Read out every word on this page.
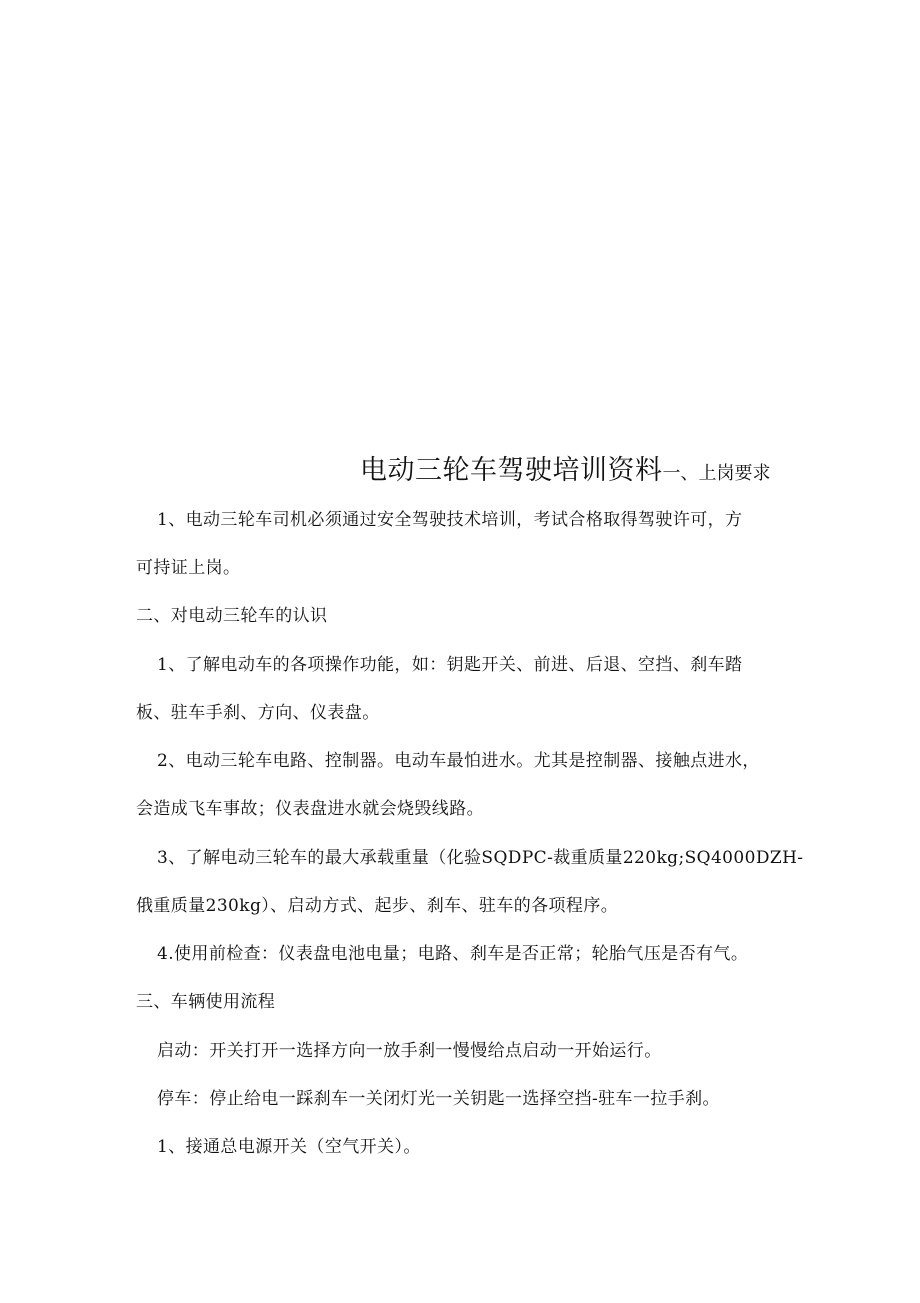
电动三轮车驾驶培训资料一、上岗要求
1、电动三轮车司机必须通过安全驾驶技术培训，考试合格取得驾驶许可，方
可持证上岗。
二、对电动三轮车的认识
1、了解电动车的各项操作功能，如：钥匙开关、前进、后退、空挡、刹车踏
板、驻车手刹、方向、仪表盘。
2、电动三轮车电路、控制器。电动车最怕进水。尤其是控制器、接触点进水，
会造成飞车事故；仪表盘进水就会烧毁线路。
3、了解电动三轮车的最大承载重量（化验SQDPC-裁重质量220kg;SQ4000DZH-
俄重质量230kg）、启动方式、起步、刹车、驻车的各项程序。
4.使用前检查：仪表盘电池电量；电路、刹车是否正常；轮胎气压是否有气。
三、车辆使用流程
启动：开关打开一选择方向一放手刹一慢慢给点启动一开始运行。
停车：停止给电一踩刹车一关闭灯光一关钥匙一选择空挡-驻车一拉手刹。
1、接通总电源开关（空气开关）。
